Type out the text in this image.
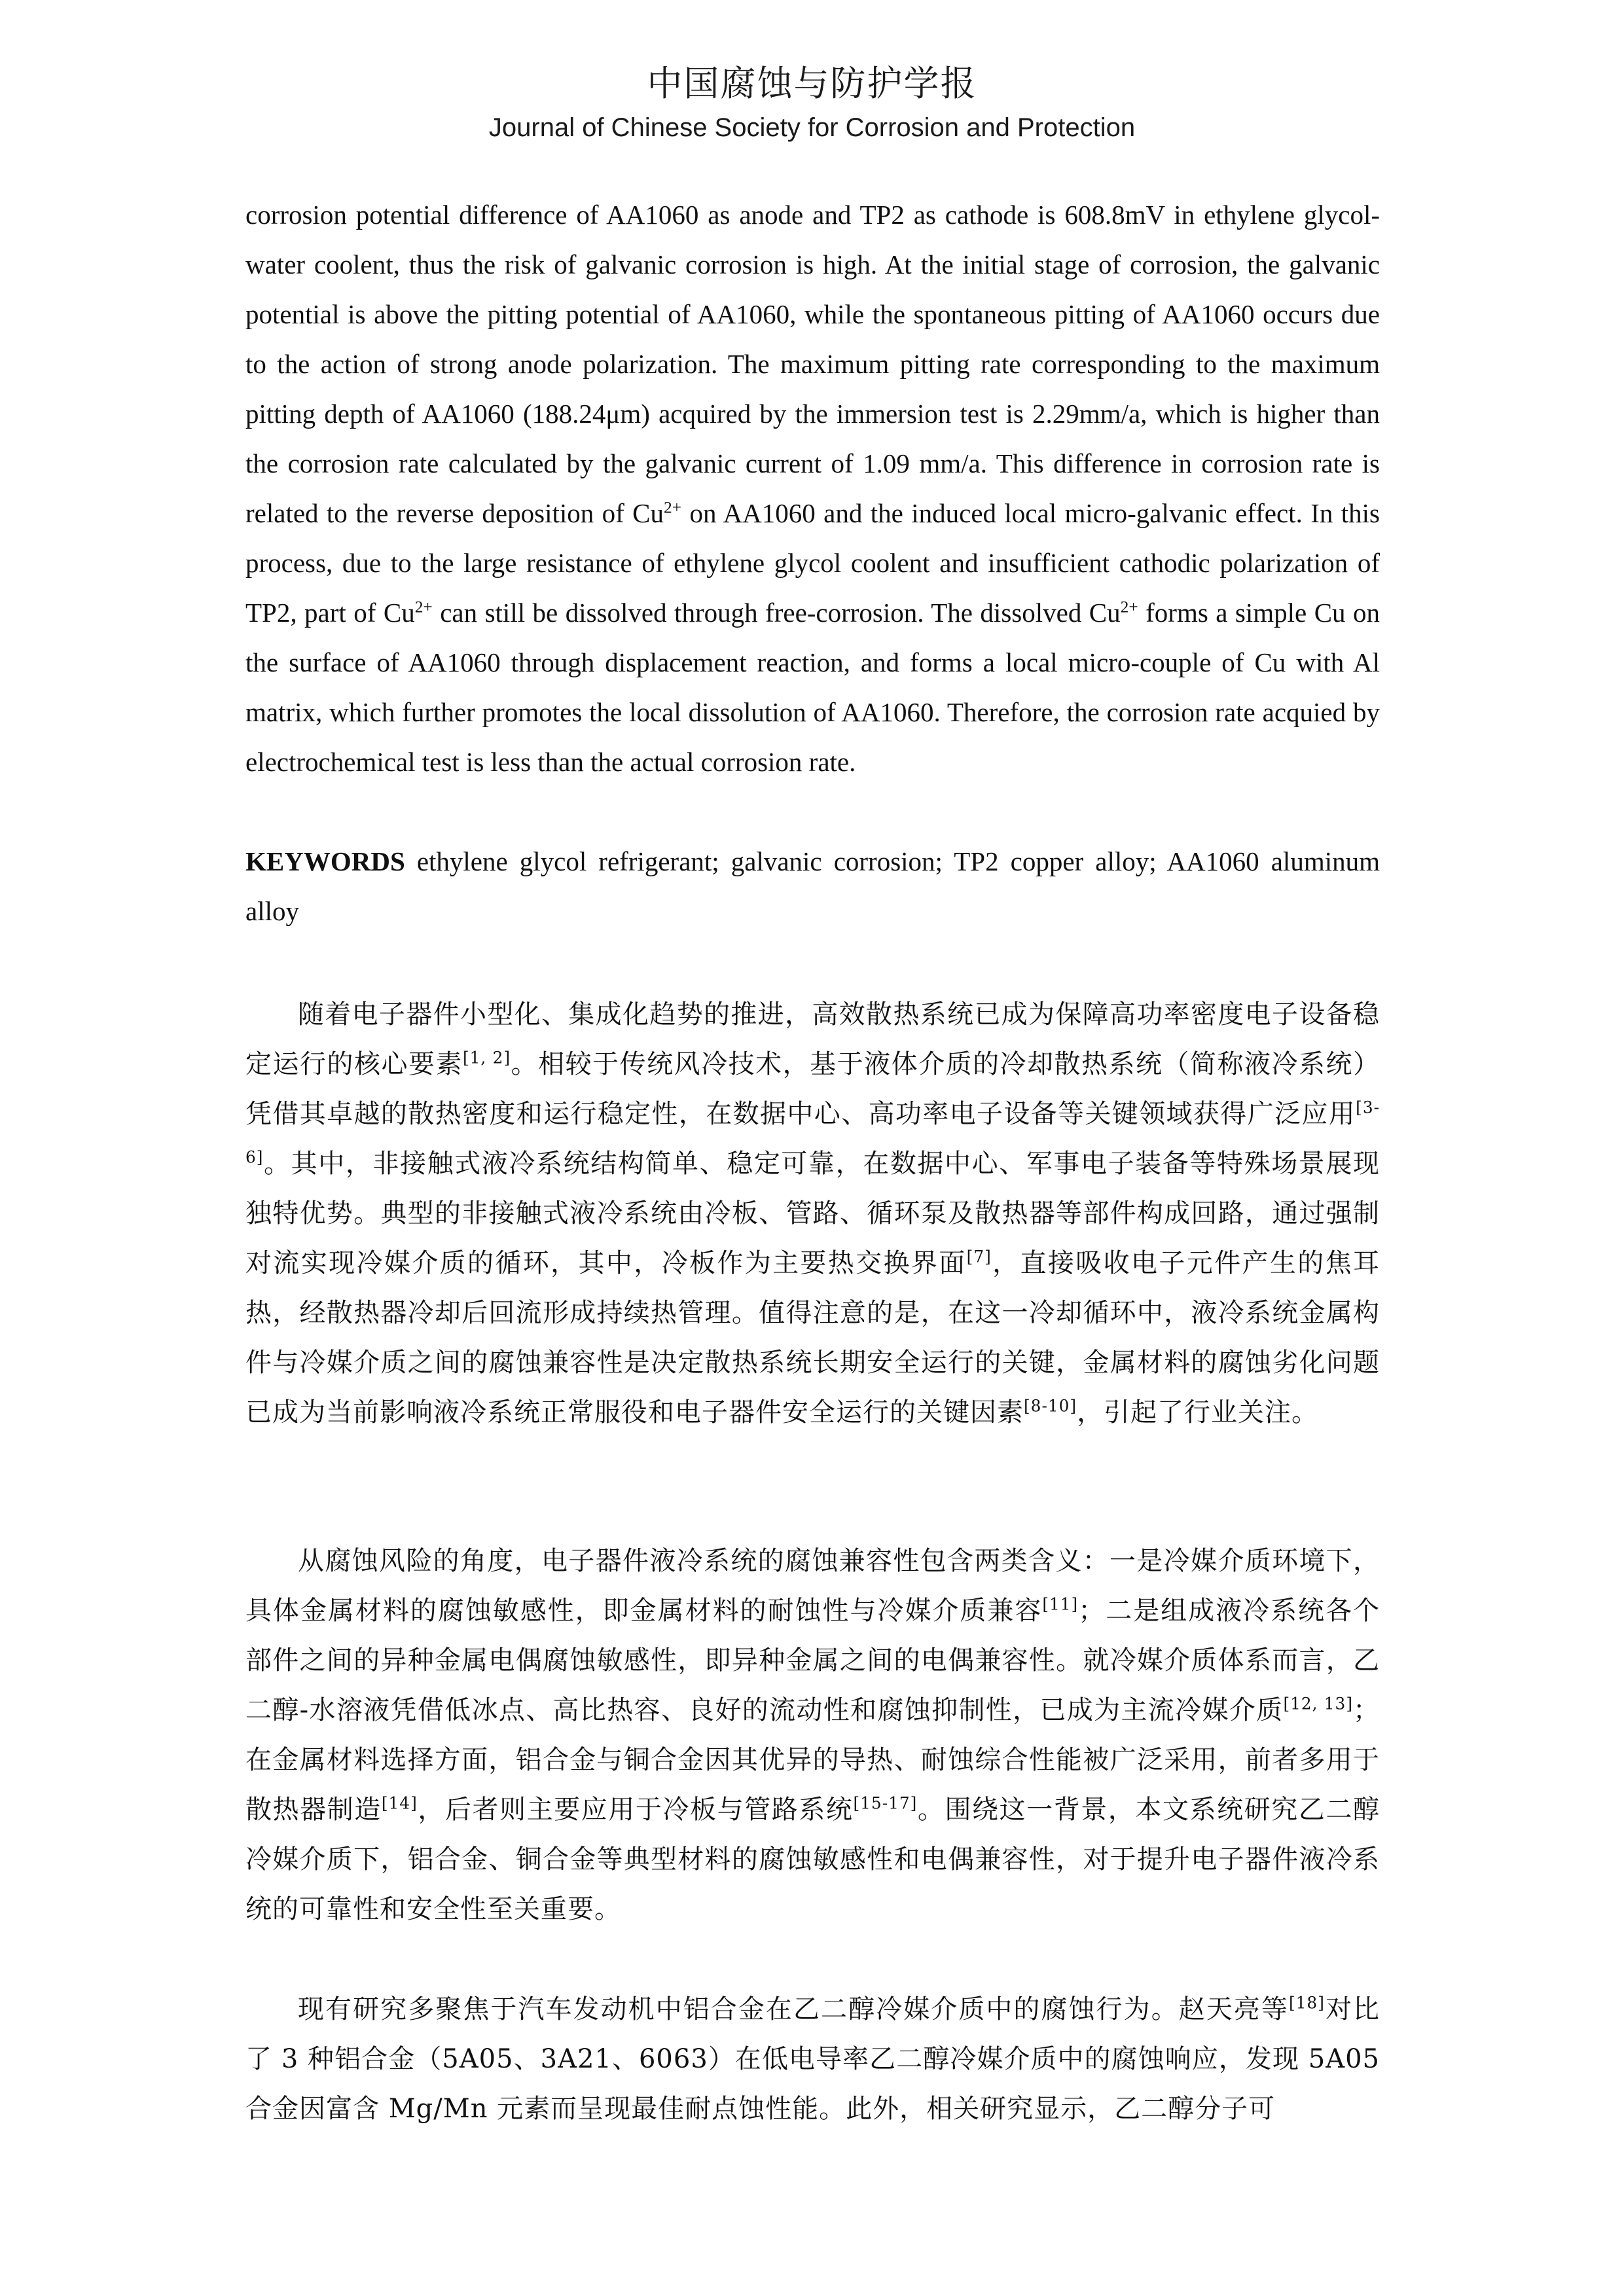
中国腐蚀与防护学报
Journal of Chinese Society for Corrosion and Protection

corrosion potential difference of AA1060 as anode and TP2 as cathode is 608.8mV in ethylene glycol-water coolent, thus the risk of galvanic corrosion is high. At the initial stage of corrosion, the galvanic potential is above the pitting potential of AA1060, while the spontaneous pitting of AA1060 occurs due to the action of strong anode polarization. The maximum pitting rate corresponding to the maximum pitting depth of AA1060 (188.24μm) acquired by the immersion test is 2.29mm/a, which is higher than the corrosion rate calculated by the galvanic current of 1.09 mm/a. This difference in corrosion rate is related to the reverse deposition of $Cu^{2+}$ on AA1060 and the induced local micro-galvanic effect. In this process, due to the large resistance of ethylene glycol coolent and insufficient cathodic polarization of TP2, part of $Cu^{2+}$ can still be dissolved through free-corrosion. The dissolved $Cu^{2+}$ forms a simple Cu on the surface of AA1060 through displacement reaction, and forms a local micro-couple of Cu with Al matrix, which further promotes the local dissolution of AA1060. Therefore, the corrosion rate acquied by electrochemical test is less than the actual corrosion rate.

KEYWORDS ethylene glycol refrigerant; galvanic corrosion; TP2 copper alloy; AA1060 aluminum alloy

随着电子器件小型化、集成化趋势的推进，高效散热系统已成为保障高功率密度电子设备稳定运行的核心要素[1, 2]。相较于传统风冷技术，基于液体介质的冷却散热系统（简称液冷系统）凭借其卓越的散热密度和运行稳定性，在数据中心、高功率电子设备等关键领域获得广泛应用[3-6]。其中，非接触式液冷系统结构简单、稳定可靠，在数据中心、军事电子装备等特殊场景展现独特优势。典型的非接触式液冷系统由冷板、管路、循环泵及散热器等部件构成回路，通过强制对流实现冷媒介质的循环，其中，冷板作为主要热交换界面[7]，直接吸收电子元件产生的焦耳热，经散热器冷却后回流形成持续热管理。值得注意的是，在这一冷却循环中，液冷系统金属构件与冷媒介质之间的腐蚀兼容性是决定散热系统长期安全运行的关键，金属材料的腐蚀劣化问题已成为当前影响液冷系统正常服役和电子器件安全运行的关键因素[8-10]，引起了行业关注。

从腐蚀风险的角度，电子器件液冷系统的腐蚀兼容性包含两类含义：一是冷媒介质环境下，具体金属材料的腐蚀敏感性，即金属材料的耐蚀性与冷媒介质兼容[11]；二是组成液冷系统各个部件之间的异种金属电偶腐蚀敏感性，即异种金属之间的电偶兼容性。就冷媒介质体系而言，乙二醇-水溶液凭借低冰点、高比热容、良好的流动性和腐蚀抑制性，已成为主流冷媒介质[12, 13]；在金属材料选择方面，铝合金与铜合金因其优异的导热、耐蚀综合性能被广泛采用，前者多用于散热器制造[14]，后者则主要应用于冷板与管路系统[15-17]。围绕这一背景，本文系统研究乙二醇冷媒介质下，铝合金、铜合金等典型材料的腐蚀敏感性和电偶兼容性，对于提升电子器件液冷系统的可靠性和安全性至关重要。

现有研究多聚焦于汽车发动机中铝合金在乙二醇冷媒介质中的腐蚀行为。赵天亮等[18]对比了 3 种铝合金（5A05、3A21、6063）在低电导率乙二醇冷媒介质中的腐蚀响应，发现 5A05 合金因富含 Mg/Mn 元素而呈现最佳耐点蚀性能。此外，相关研究显示，乙二醇分子可
